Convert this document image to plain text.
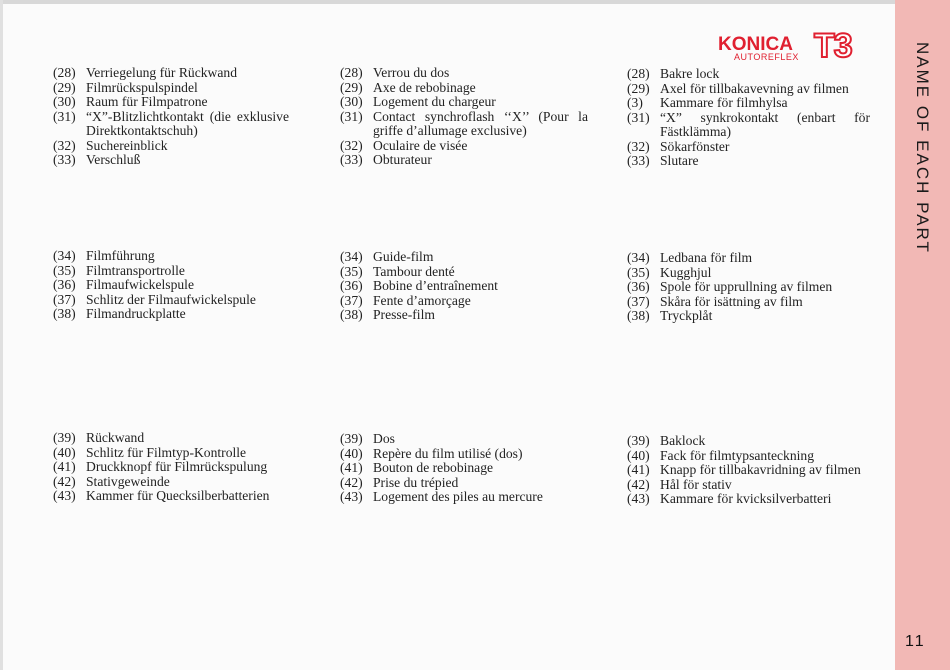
NAME OF EACH PART
KONICA
AUTOREFLEX T3
(28) Verriegelung für Rückwand
(29) Filmrückspulspindel
(30) Raum für Filmpatrone
(31) “X”-Blitzlichtkontakt (die exklusive Direktkontaktschuh)
(32) Suchereinblick
(33) Verschluß
(34) Filmführung
(35) Filmtransportrolle
(36) Filmaufwickelspule
(37) Schlitz der Filmaufwickelspule
(38) Filmandruckplatte
(39) Rückwand
(40) Schlitz für Filmtyp-Kontrolle
(41) Druckknopf für Filmrückspulung
(42) Stativgeweinde
(43) Kammer für Quecksilberbatterien
(28) Verrou du dos
(29) Axe de rebobinage
(30) Logement du chargeur
(31) Contact synchroflash ‘‘X’’ (Pour la griffe d’allumage exclusive)
(32) Oculaire de visée
(33) Obturateur
(34) Guide-film
(35) Tambour denté
(36) Bobine d’entraînement
(37) Fente d’amorçage
(38) Presse-film
(39) Dos
(40) Repère du film utilisé (dos)
(41) Bouton de rebobinage
(42) Prise du trépied
(43) Logement des piles au mercure
(28) Bakre lock
(29) Axel för tillbakavevning av filmen
(3)	Kammare för filmhylsa
(31) “X” synkrokontakt (enbart för Fästklämma)
(32) Sökarfönster
(33) Slutare
(34) Ledbana för film
(35) Kugghjul
(36) Spole för upprullning av filmen
(37) Skåra för isättning av film
(38) Tryckplåt
(39) Baklock
(40) Fack för filmtypsanteckning
(41) Knapp för tillbakavridning av filmen
(42) Hål för stativ
(43) Kammare för kvicksilverbatteri
11
